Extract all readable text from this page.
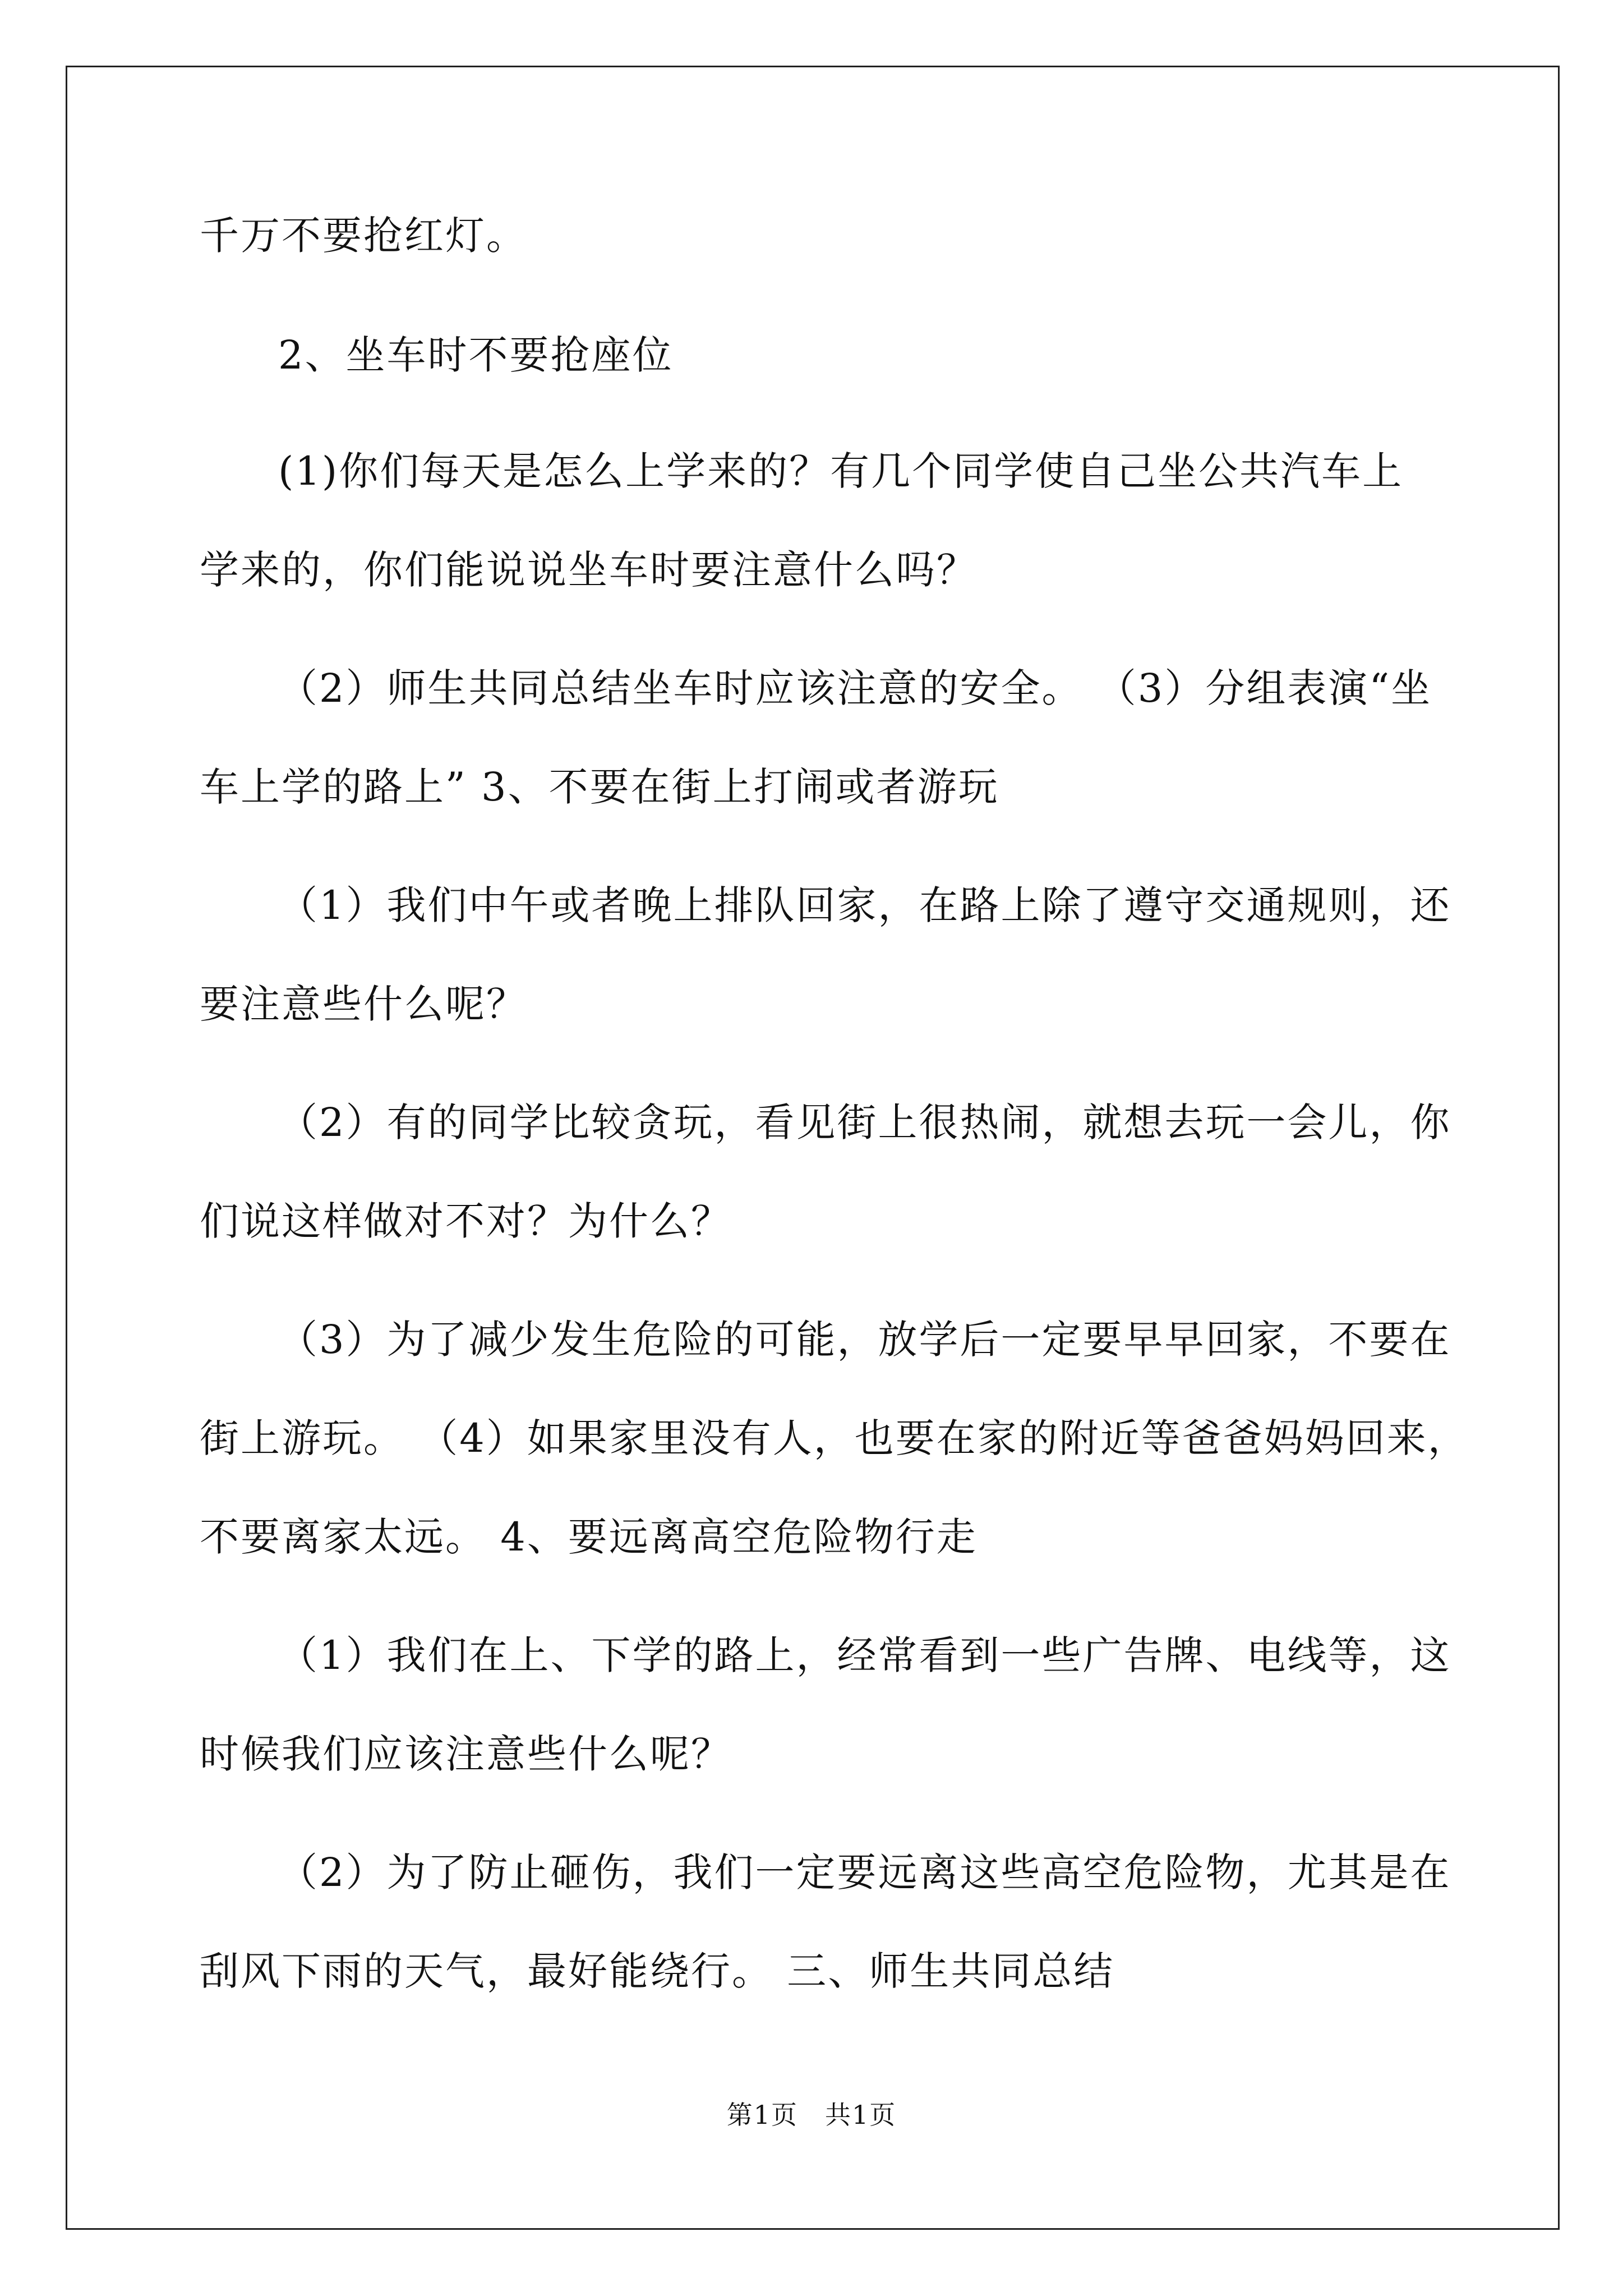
千万不要抢红灯。
2、坐车时不要抢座位
(1)你们每天是怎么上学来的？有几个同学使自己坐公共汽车上
学来的，你们能说说坐车时要注意什么吗？
（2）师生共同总结坐车时应该注意的安全。 （3）分组表演“坐
车上学的路上” 3、不要在街上打闹或者游玩
（1）我们中午或者晚上排队回家，在路上除了遵守交通规则，还
要注意些什么呢？
（2）有的同学比较贪玩，看见街上很热闹，就想去玩一会儿，你
们说这样做对不对？为什么？
（3）为了减少发生危险的可能，放学后一定要早早回家，不要在
街上游玩。 （4）如果家里没有人，也要在家的附近等爸爸妈妈回来，
不要离家太远。 4、要远离高空危险物行走
（1）我们在上、下学的路上，经常看到一些广告牌、电线等，这
时候我们应该注意些什么呢？
（2）为了防止砸伤，我们一定要远离这些高空危险物，尤其是在
刮风下雨的天气，最好能绕行。 三、师生共同总结
第1页　共1页
